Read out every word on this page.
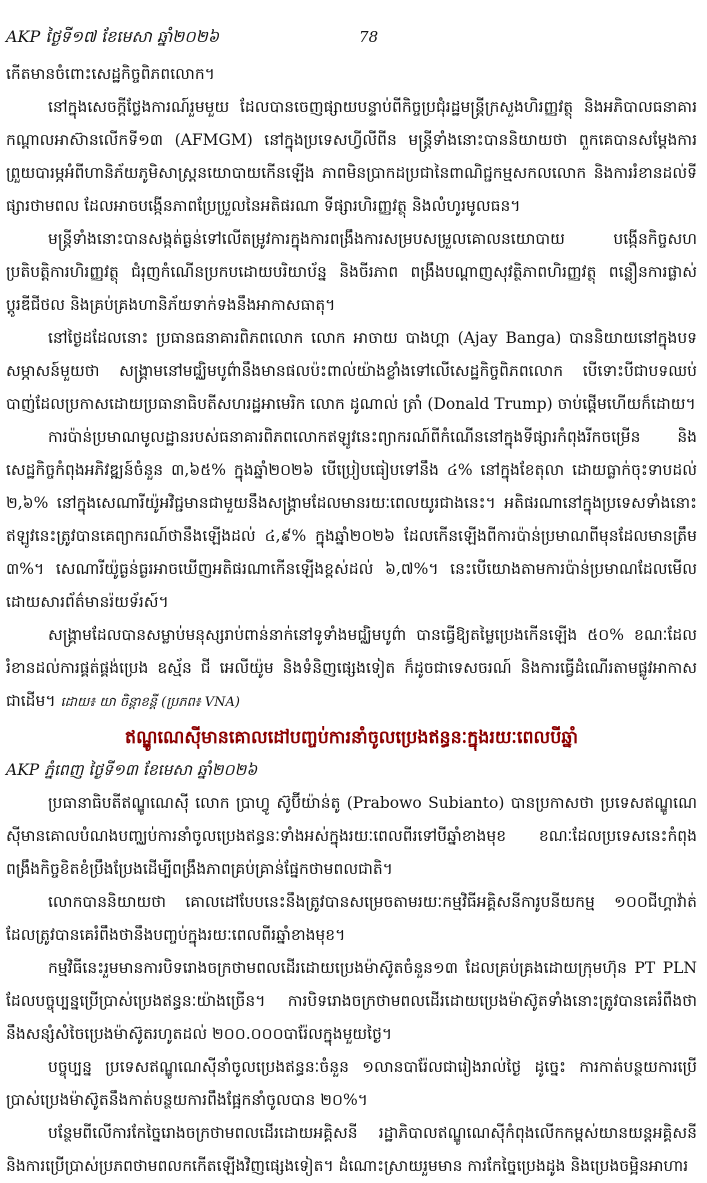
AKP ថ្ងៃទី១៧ ខែមេសា ឆ្នាំ២០២៦	78

កើតមានចំពោះសេដ្ឋកិច្ចពិភពលោក។

នៅក្នុងសេចក្តីថ្លែងការណ៍រួមមួយ ដែលបានចេញផ្សាយបន្ទាប់ពីកិច្ចប្រជុំរដ្ឋមន្ត្រីក្រសួងហិរញ្ញវត្ថុ និងអភិបាលធនាគារកណ្តាលអាស៊ានលើកទី១៣ (AFMGM) នៅក្នុងប្រទេសហ្វីលីពីន មន្ត្រីទាំងនោះបាននិយាយថា ពួកគេបានសម្តែងការព្រួយបារម្ភអំពីហានិភ័យភូមិសាស្ត្រនយោបាយកើនឡើង ភាពមិនប្រាកដប្រជានៃពាណិជ្ជកម្មសកលលោក និងការរំខានដល់ទីផ្សារថាមពល ដែលអាចបង្កើនភាពប្រែប្រួលនៃអតិផរណា ទីផ្សារហិរញ្ញវត្ថុ និងលំហូរមូលធន។

មន្ត្រីទាំងនោះបានសង្កត់ធ្ងន់ទៅលើតម្រូវការក្នុងការពង្រឹងការសម្របសម្រួលគោលនយោបាយ បង្កើនកិច្ចសហប្រតិបត្តិការហិរញ្ញវត្ថុ ជំរុញកំណើនប្រកបដោយបរិយាប័ន្ន និងចីរភាព ពង្រឹងបណ្តាញសុវត្ថិភាពហិរញ្ញវត្ថុ ពន្លឿនការផ្លាស់ប្តូរឌីជីថល និងគ្រប់គ្រងហានិភ័យទាក់ទងនឹងអាកាសធាតុ។

នៅថ្ងៃដដែលនោះ ប្រធានធនាគារពិភពលោក លោក អាចាយ បាងហ្គា (Ajay Banga) បាននិយាយនៅក្នុងបទសម្ភាសន៍មួយថា សង្គ្រាមនៅមជ្ឈិមបូព៌ានឹងមានផលប៉ះពាល់យ៉ាងខ្លាំងទៅលើសេដ្ឋកិច្ចពិភពលោក បើទោះបីជាបទឈប់បាញ់ដែលប្រកាសដោយប្រធានាធិបតីសហរដ្ឋអាមេរិក លោក ដូណាល់ ត្រាំ (Donald Trump) ចាប់ផ្តើមហើយក៏ដោយ។

ការប៉ាន់ប្រមាណមូលដ្ឋានរបស់ធនាគារពិភពលោកឥឡូវនេះព្យាករណ៍ពីកំណើននៅក្នុងទីផ្សារកំពុងរីកចម្រើន និងសេដ្ឋកិច្ចកំពុងអភិវឌ្ឍន៍ចំនួន ៣,៦៥% ក្នុងឆ្នាំ២០២៦ បើប្រៀបធៀបទៅនឹង ៤% នៅក្នុងខែតុលា ដោយធ្លាក់ចុះទាបដល់ ២,៦% នៅក្នុងសេណារីយ៉ូអវិជ្ជមានជាមួយនឹងសង្គ្រាមដែលមានរយៈពេលយូរជាងនេះ។ អតិផរណានៅក្នុងប្រទេសទាំងនោះ ឥឡូវនេះត្រូវបានគេព្យាករណ៍ថានឹងឡើងដល់ ៤,៩% ក្នុងឆ្នាំ២០២៦ ដែលកើនឡើងពីការប៉ាន់ប្រមាណពីមុនដែលមានត្រឹម ៣%។ សេណារីយ៉ូធ្ងន់ធ្ងរអាចឃើញអតិផរណាកើនឡើងខ្ពស់ដល់ ៦,៧%។ នេះបើយោងតាមការប៉ាន់ប្រមាណដែលមើលដោយសារព័ត៌មានរ៉យទ័រស៍។

សង្គ្រាមដែលបានសម្លាប់មនុស្សរាប់ពាន់នាក់នៅទូទាំងមជ្ឈិមបូព៌ា បានធ្វើឱ្យតម្លៃប្រេងកើនឡើង ៥០% ខណៈដែលរំខានដល់ការផ្គត់ផ្គង់ប្រេង ឧស្ម័ន ជី អេលីយ៉ូម និងទំនិញផ្សេងទៀត ក៏ដូចជាទេសចរណ៍ និងការធ្វើដំណើរតាមផ្លូវអាកាសជាដើម។ ដោយ៖ យា ចិន្តាខន្តី (ប្រភព៖ VNA)

ឥណ្ឌូណេស៊ីមានគោលដៅបញ្ចប់ការនាំចូលប្រេងឥន្ធនៈក្នុងរយៈពេលបីឆ្នាំ

AKP ភ្នំពេញ ថ្ងៃទី១៣ ខែមេសា ឆ្នាំ២០២៦

ប្រធានាធិបតីឥណ្ឌូណេស៊ី លោក ប្រាហ្វូ ស៊ូប៊ីយ៉ាន់តូ (Prabowo Subianto) បានប្រកាសថា ប្រទេសឥណ្ឌូណេស៊ីមានគោលបំណងបញ្ឈប់ការនាំចូលប្រេងឥន្ធនៈទាំងអស់ក្នុងរយៈពេលពីរទៅបីឆ្នាំខាងមុខ ខណៈដែលប្រទេសនេះកំពុងពង្រឹងកិច្ចខិតខំប្រឹងប្រែងដើម្បីពង្រឹងភាពគ្រប់គ្រាន់ផ្នែកថាមពលជាតិ។

លោកបាននិយាយថា គោលដៅបែបនេះនឹងត្រូវបានសម្រេចតាមរយៈកម្មវិធីអគ្គិសនីការូបនីយកម្ម ១០០ជីហ្គាវ៉ាត់ ដែលត្រូវបានគេរំពឹងថានឹងបញ្ចប់ក្នុងរយៈពេលពីរឆ្នាំខាងមុខ។

កម្មវិធីនេះរួមមានការបិទរោងចក្រថាមពលដើរដោយប្រេងម៉ាស៊ូតចំនួន១៣ ដែលគ្រប់គ្រងដោយក្រុមហ៊ុន PT PLN ដែលបច្ចុប្បន្នប្រើប្រាស់ប្រេងឥន្ធនៈយ៉ាងច្រើន។ ការបិទរោងចក្រថាមពលដើរដោយប្រេងម៉ាស៊ូតទាំងនោះត្រូវបានគេរំពឹងថានឹងសន្សំសំចៃប្រេងម៉ាស៊ូតរហូតដល់ ២០០.០០០បារ៉ែលក្នុងមួយថ្ងៃ។

បច្ចុប្បន្ន ប្រទេសឥណ្ឌូណេស៊ីនាំចូលប្រេងឥន្ធនៈចំនួន ១លានបារ៉ែលជារៀងរាល់ថ្ងៃ ដូច្នេះ ការកាត់បន្ថយការប្រើប្រាស់ប្រេងម៉ាស៊ូតនឹងកាត់បន្ថយការពឹងផ្អែកនាំចូលបាន ២០%។

បន្ថែមពីលើការកែច្នៃរោងចក្រថាមពលដើរដោយអគ្គិសនី រដ្ឋាភិបាលឥណ្ឌូណេស៊ីកំពុងលើកកម្ពស់យានយន្តអគ្គិសនី និងការប្រើប្រាស់ប្រភពថាមពលកកើតឡើងវិញផ្សេងទៀត។ ដំណោះស្រាយរួមមាន ការកែច្នៃប្រេងដូង និងប្រេងចម្អិនអាហារ
